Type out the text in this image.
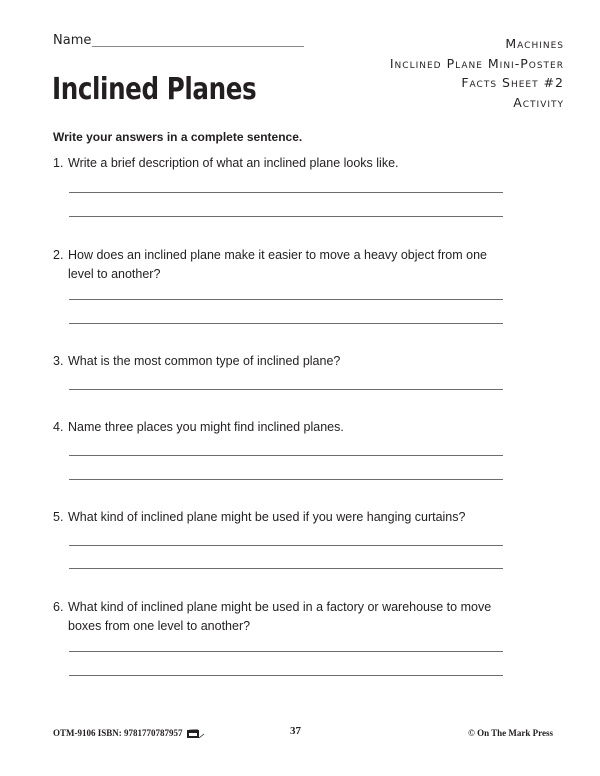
Name
Inclined Planes
Machines
Inclined Plane Mini-Poster
Facts Sheet #2
Activity
Write your answers in a complete sentence.
1. Write a brief description of what an inclined plane looks like.
2. How does an inclined plane make it easier to move a heavy object from one level to another?
3. What is the most common type of inclined plane?
4. Name three places you might find inclined planes.
5. What kind of inclined plane might be used if you were hanging curtains?
6. What kind of inclined plane might be used in a factory or warehouse to move boxes from one level to another?
OTM-9106 ISBN: 9781770787957	37	© On The Mark Press
